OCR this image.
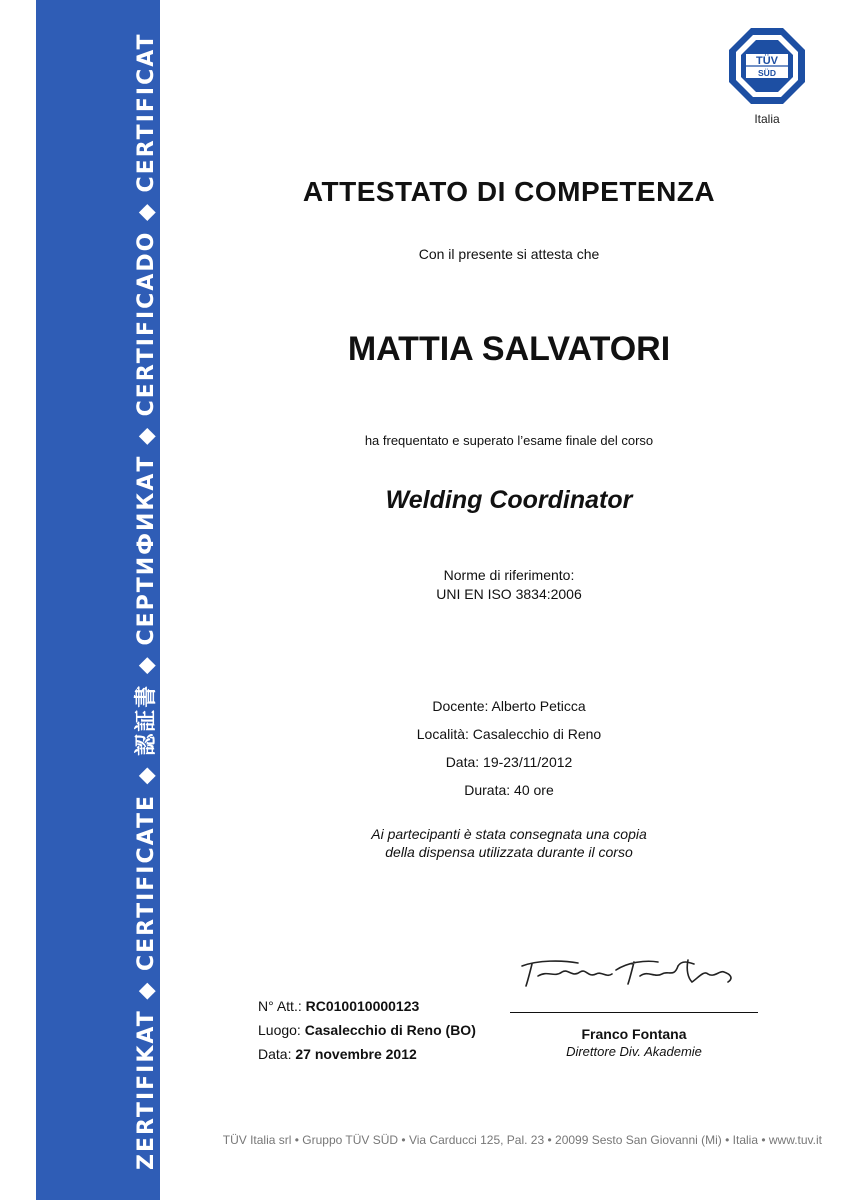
ZERTIFIKAT ◆ CERTIFICATE ◆ 認証書 ◆ СЕРТИФИКАТ ◆ CERTIFICADO ◆ CERTIFICAT	TÜV
SÜD
Italia
ATTESTATO DI COMPETENZA
Con il presente si attesta che
MATTIA SALVATORI
ha frequentato e superato l’esame finale del corso
Welding Coordinator
Norme di riferimento:
UNI EN ISO 3834:2006
Docente: Alberto Peticca
Località: Casalecchio di Reno
Data: 19-23/11/2012
Durata: 40 ore
Ai partecipanti è stata consegnata una copia
della dispensa utilizzata durante il corso
N° Att.: RC010010000123
Luogo: Casalecchio di Reno (BO)
Data: 27 novembre 2012
Franco Fontana
Direttore Div. Akademie
TÜV Italia srl • Gruppo TÜV SÜD • Via Carducci 125, Pal. 23 • 20099 Sesto San Giovanni (Mi) • Italia • www.tuv.it
